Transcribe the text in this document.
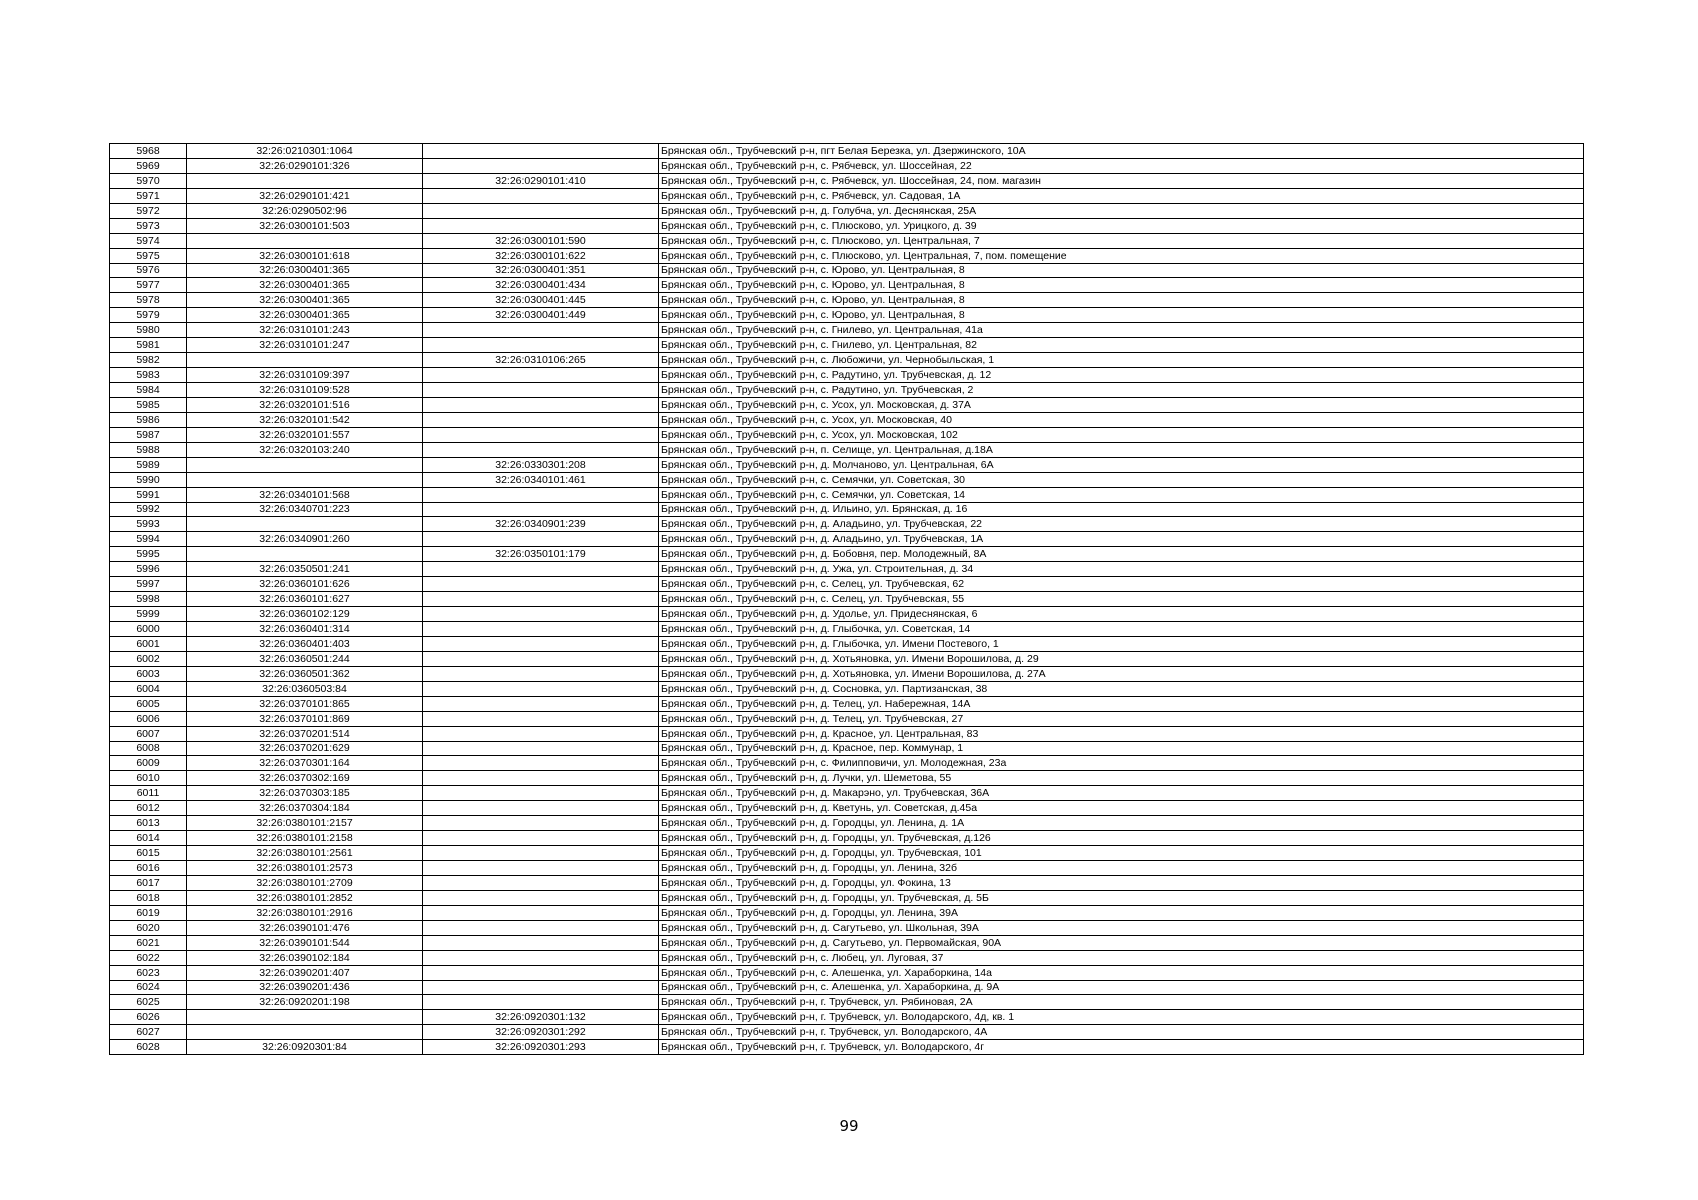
5968	32:26:0210301:1064		Брянская обл., Трубчевский р-н, пгт Белая Березка, ул. Дзержинского, 10А
5969	32:26:0290101:326		Брянская обл., Трубчевский р-н, с. Рябчевск, ул. Шоссейная, 22
5970		32:26:0290101:410	Брянская обл., Трубчевский р-н, с. Рябчевск, ул. Шоссейная, 24, пом. магазин
5971	32:26:0290101:421		Брянская обл., Трубчевский р-н, с. Рябчевск, ул. Садовая, 1А
5972	32:26:0290502:96		Брянская обл., Трубчевский р-н, д. Голубча, ул. Деснянская, 25А
5973	32:26:0300101:503		Брянская обл., Трубчевский р-н, с. Плюсково, ул. Урицкого, д. 39
5974		32:26:0300101:590	Брянская обл., Трубчевский р-н, с. Плюсково, ул. Центральная, 7
5975	32:26:0300101:618	32:26:0300101:622	Брянская обл., Трубчевский р-н, с. Плюсково, ул. Центральная, 7, пом. помещение
5976	32:26:0300401:365	32:26:0300401:351	Брянская обл., Трубчевский р-н, с. Юрово, ул. Центральная, 8
5977	32:26:0300401:365	32:26:0300401:434	Брянская обл., Трубчевский р-н, с. Юрово, ул. Центральная, 8
5978	32:26:0300401:365	32:26:0300401:445	Брянская обл., Трубчевский р-н, с. Юрово, ул. Центральная, 8
5979	32:26:0300401:365	32:26:0300401:449	Брянская обл., Трубчевский р-н, с. Юрово, ул. Центральная, 8
5980	32:26:0310101:243		Брянская обл., Трубчевский р-н, с. Гнилево, ул. Центральная, 41а
5981	32:26:0310101:247		Брянская обл., Трубчевский р-н, с. Гнилево, ул. Центральная, 82
5982		32:26:0310106:265	Брянская обл., Трубчевский р-н, с. Любожичи, ул. Чернобыльская, 1
5983	32:26:0310109:397		Брянская обл., Трубчевский р-н, с. Радутино, ул. Трубчевская, д. 12
5984	32:26:0310109:528		Брянская обл., Трубчевский р-н, с. Радутино, ул. Трубчевская, 2
5985	32:26:0320101:516		Брянская обл., Трубчевский р-н, с. Усох, ул. Московская, д. 37А
5986	32:26:0320101:542		Брянская обл., Трубчевский р-н, с. Усох, ул. Московская, 40
5987	32:26:0320101:557		Брянская обл., Трубчевский р-н, с. Усох, ул. Московская, 102
5988	32:26:0320103:240		Брянская обл., Трубчевский р-н, п. Селище, ул. Центральная, д.18А
5989		32:26:0330301:208	Брянская обл., Трубчевский р-н, д. Молчаново, ул. Центральная, 6А
5990		32:26:0340101:461	Брянская обл., Трубчевский р-н, с. Семячки, ул. Советская, 30
5991	32:26:0340101:568		Брянская обл., Трубчевский р-н, с. Семячки, ул. Советская, 14
5992	32:26:0340701:223		Брянская обл., Трубчевский р-н, д. Ильино, ул. Брянская, д. 16
5993		32:26:0340901:239	Брянская обл., Трубчевский р-н, д. Аладьино, ул. Трубчевская, 22
5994	32:26:0340901:260		Брянская обл., Трубчевский р-н, д. Аладьино, ул. Трубчевская, 1А
5995		32:26:0350101:179	Брянская обл., Трубчевский р-н, д. Бобовня, пер. Молодежный, 8А
5996	32:26:0350501:241		Брянская обл., Трубчевский р-н, д. Ужа, ул. Строительная, д. 34
5997	32:26:0360101:626		Брянская обл., Трубчевский р-н, с. Селец, ул. Трубчевская, 62
5998	32:26:0360101:627		Брянская обл., Трубчевский р-н, с. Селец, ул. Трубчевская, 55
5999	32:26:0360102:129		Брянская обл., Трубчевский р-н, д. Удолье, ул. Придеснянская, 6
6000	32:26:0360401:314		Брянская обл., Трубчевский р-н, д. Глыбочка, ул. Советская, 14
6001	32:26:0360401:403		Брянская обл., Трубчевский р-н, д. Глыбочка, ул. Имени Постевого, 1
6002	32:26:0360501:244		Брянская обл., Трубчевский р-н, д. Хотьяновка, ул. Имени Ворошилова, д. 29
6003	32:26:0360501:362		Брянская обл., Трубчевский р-н, д. Хотьяновка, ул. Имени Ворошилова, д. 27А
6004	32:26:0360503:84		Брянская обл., Трубчевский р-н, д. Сосновка, ул. Партизанская, 38
6005	32:26:0370101:865		Брянская обл., Трубчевский р-н, д. Телец, ул. Набережная, 14А
6006	32:26:0370101:869		Брянская обл., Трубчевский р-н, д. Телец, ул. Трубчевская, 27
6007	32:26:0370201:514		Брянская обл., Трубчевский р-н, д. Красное, ул. Центральная, 83
6008	32:26:0370201:629		Брянская обл., Трубчевский р-н, д. Красное, пер. Коммунар, 1
6009	32:26:0370301:164		Брянская обл., Трубчевский р-н, с. Филипповичи, ул. Молодежная, 23а
6010	32:26:0370302:169		Брянская обл., Трубчевский р-н, д. Лучки, ул. Шеметова, 55
6011	32:26:0370303:185		Брянская обл., Трубчевский р-н, д. Макарэно, ул. Трубчевская, 36А
6012	32:26:0370304:184		Брянская обл., Трубчевский р-н, д. Кветунь, ул. Советская, д.45а
6013	32:26:0380101:2157		Брянская обл., Трубчевский р-н, д. Городцы, ул. Ленина, д. 1А
6014	32:26:0380101:2158		Брянская обл., Трубчевский р-н, д. Городцы, ул. Трубчевская, д.126
6015	32:26:0380101:2561		Брянская обл., Трубчевский р-н, д. Городцы, ул. Трубчевская, 101
6016	32:26:0380101:2573		Брянская обл., Трубчевский р-н, д. Городцы, ул. Ленина, 32б
6017	32:26:0380101:2709		Брянская обл., Трубчевский р-н, д. Городцы, ул. Фокина, 13
6018	32:26:0380101:2852		Брянская обл., Трубчевский р-н, д. Городцы, ул. Трубчевская, д. 5Б
6019	32:26:0380101:2916		Брянская обл., Трубчевский р-н, д. Городцы, ул. Ленина, 39А
6020	32:26:0390101:476		Брянская обл., Трубчевский р-н, д. Сагутьево, ул. Школьная, 39А
6021	32:26:0390101:544		Брянская обл., Трубчевский р-н, д. Сагутьево, ул. Первомайская, 90А
6022	32:26:0390102:184		Брянская обл., Трубчевский р-н, с. Любец, ул. Луговая, 37
6023	32:26:0390201:407		Брянская обл., Трубчевский р-н, с. Алешенка, ул. Хараборкина, 14а
6024	32:26:0390201:436		Брянская обл., Трубчевский р-н, с. Алешенка, ул. Хараборкина, д. 9А
6025	32:26:0920201:198		Брянская обл., Трубчевский р-н, г. Трубчевск, ул. Рябиновая, 2А
6026		32:26:0920301:132	Брянская обл., Трубчевский р-н, г. Трубчевск, ул. Володарского, 4д, кв. 1
6027		32:26:0920301:292	Брянская обл., Трубчевский р-н, г. Трубчевск, ул. Володарского, 4А
6028	32:26:0920301:84	32:26:0920301:293	Брянская обл., Трубчевский р-н, г. Трубчевск, ул. Володарского, 4г
99
